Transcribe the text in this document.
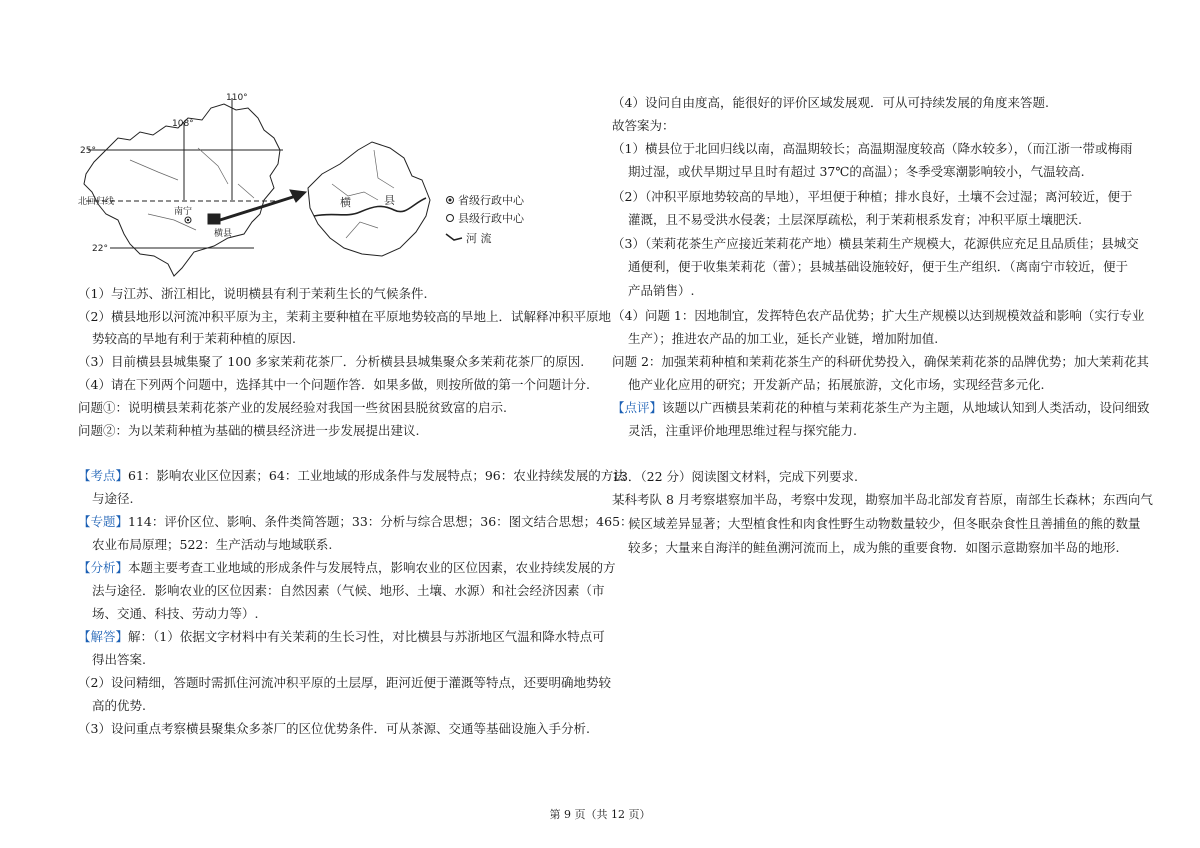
110°
108°
25°
22°
北回归线
南宁
横县
横	县	省级行政中心
县级行政中心
河 流
（1）与江苏、浙江相比，说明横县有利于茉莉生长的气候条件.
（2）横县地形以河流冲积平原为主，茉莉主要种植在平原地势较高的旱地上．试解释冲积平原地
势较高的旱地有利于茉莉种植的原因.
（3）目前横县县城集聚了 100 多家茉莉花茶厂．分析横县县城集聚众多茉莉花茶厂的原因.
（4）请在下列两个问题中，选择其中一个问题作答．如果多做，则按所做的第一个问题计分.
问题①：说明横县茉莉花茶产业的发展经验对我国一些贫困县脱贫致富的启示.
问题②：为以茉莉种植为基础的横县经济进一步发展提出建议.
【考点】61：影响农业区位因素；64：工业地域的形成条件与发展特点；96：农业持续发展的方法
与途径.
【专题】114：评价区位、影响、条件类简答题；33：分析与综合思想；36：图文结合思想；465：
农业布局原理；522：生产活动与地域联系.
【分析】本题主要考查工业地域的形成条件与发展特点，影响农业的区位因素，农业持续发展的方
法与途径．影响农业的区位因素：自然因素（气候、地形、土壤、水源）和社会经济因素（市
场、交通、科技、劳动力等）.
【解答】解：（1）依据文字材料中有关茉莉的生长习性，对比横县与苏浙地区气温和降水特点可
得出答案.
（2）设问精细，答题时需抓住河流冲积平原的土层厚，距河近便于灌溉等特点，还要明确地势较
高的优势.
（3）设问重点考察横县聚集众多茶厂的区位优势条件．可从茶源、交通等基础设施入手分析.
（4）设问自由度高，能很好的评价区域发展观．可从可持续发展的角度来答题.
故答案为：
（1）横县位于北回归线以南，高温期较长；高温期湿度较高（降水较多），（而江浙一带或梅雨
期过湿，或伏旱期过早且时有超过 37℃的高温）；冬季受寒潮影响较小，气温较高.
（2）（冲积平原地势较高的旱地），平坦便于种植；排水良好，土壤不会过湿；离河较近，便于
灌溉，且不易受洪水侵袭；土层深厚疏松，利于茉莉根系发育；冲积平原土壤肥沃.
（3）（茉莉花茶生产应接近茉莉花产地）横县茉莉生产规模大，花源供应充足且品质佳；县城交
通便利，便于收集茉莉花（蕾）；县城基础设施较好，便于生产组织．（离南宁市较近，便于
产品销售）.
（4）问题 1：因地制宜，发挥特色农产品优势；扩大生产规模以达到规模效益和影响（实行专业
生产）；推进农产品的加工业，延长产业链，增加附加值.
问题 2：加强茉莉种植和茉莉花茶生产的科研优势投入，确保茉莉花茶的品牌优势；加大茉莉花其
他产业化应用的研究；开发新产品；拓展旅游，文化市场，实现经营多元化.
【点评】该题以广西横县茉莉花的种植与茉莉花茶生产为主题，从地域认知到人类活动，设问细致
灵活，注重评价地理思维过程与探究能力.
13．（22 分）阅读图文材料，完成下列要求.
某科考队 8 月考察堪察加半岛，考察中发现，勘察加半岛北部发育苔原，南部生长森林；东西向气
候区域差异显著；大型植食性和肉食性野生动物数量较少，但冬眠杂食性且善捕鱼的熊的数量
较多；大量来自海洋的鲑鱼溯河流而上，成为熊的重要食物．如图示意勘察加半岛的地形.
第 9 页（共 12 页）
